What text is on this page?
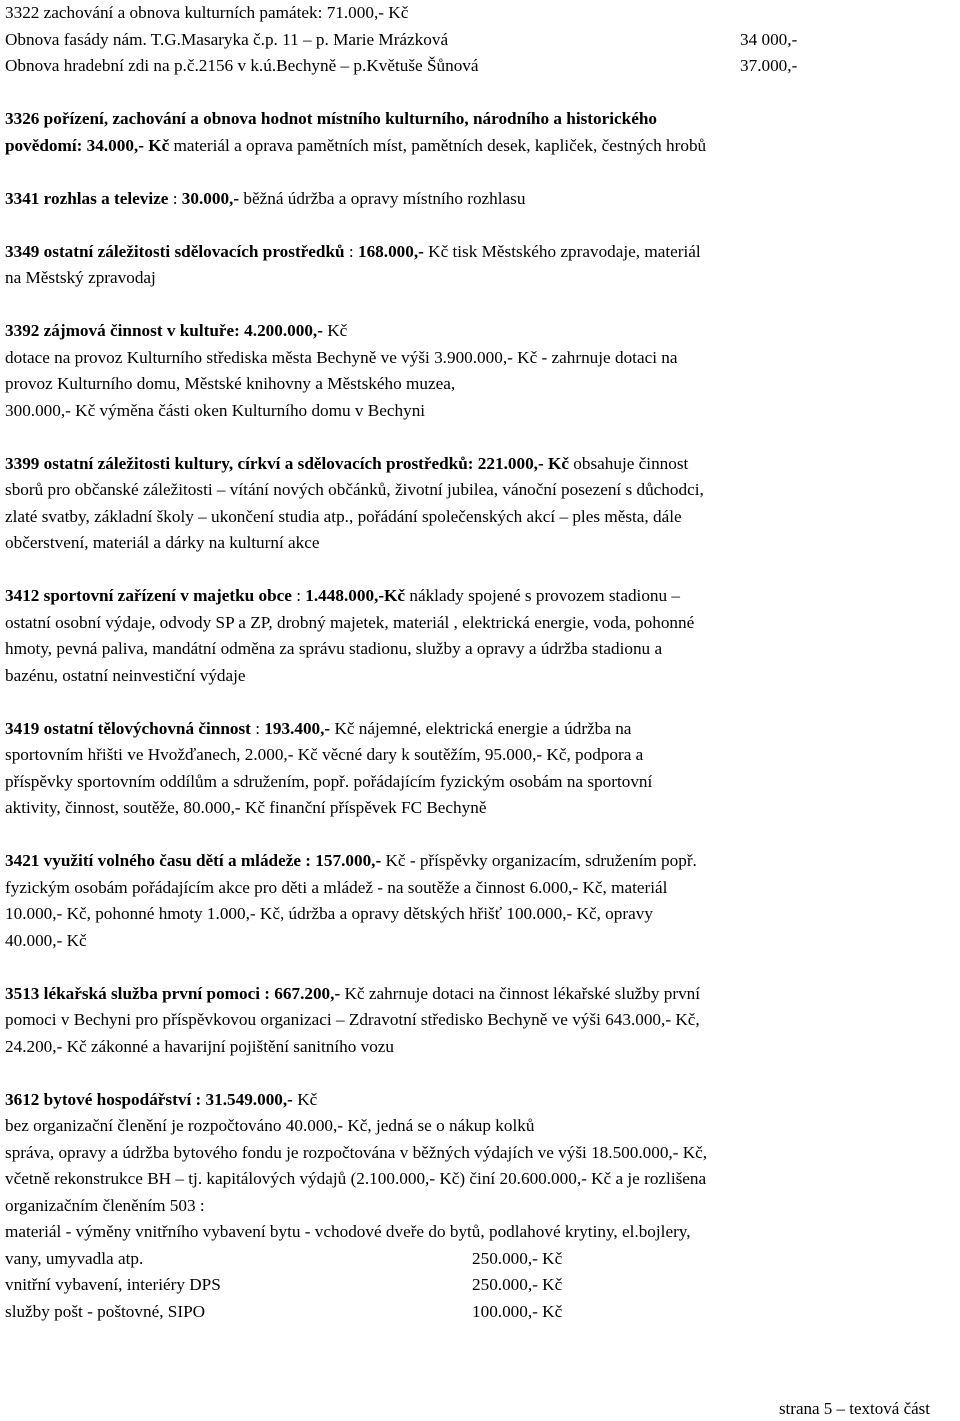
3322 zachování a obnova kulturních památek: 71.000,- Kč

Obnova fasády nám. T.G.Masaryka č.p. 11 – p. Marie Mrázková	34 000,-

Obnova hradební zdi na p.č.2156 v k.ú.Bechyně – p.Květuše Šůnová	37.000,-

3326 pořízení, zachování a obnova hodnot místního kulturního, národního a historického

povědomí: 34.000,- Kč materiál a oprava pamětních míst, pamětních desek, kapliček, čestných hrobů

3341 rozhlas a televize : 30.000,- běžná údržba a opravy místního rozhlasu

3349 ostatní záležitosti sdělovacích prostředků : 168.000,- Kč tisk Městského zpravodaje, materiál

na Městský zpravodaj

3392 zájmová činnost v kultuře: 4.200.000,- Kč

dotace na provoz Kulturního střediska města Bechyně ve výši 3.900.000,- Kč - zahrnuje dotaci na

provoz Kulturního domu, Městské knihovny a Městského muzea,

300.000,- Kč výměna části oken Kulturního domu v Bechyni

3399 ostatní záležitosti kultury, církví a sdělovacích prostředků: 221.000,- Kč obsahuje činnost

sborů pro občanské záležitosti – vítání nových občánků, životní jubilea, vánoční posezení s důchodci,

zlaté svatby, základní školy – ukončení studia atp., pořádání společenských akcí – ples města, dále

občerstvení, materiál a dárky na kulturní akce

3412 sportovní zařízení v majetku obce : 1.448.000,-Kč náklady spojené s provozem stadionu –

ostatní osobní výdaje, odvody SP a ZP, drobný majetek, materiál , elektrická energie, voda, pohonné

hmoty, pevná paliva, mandátní odměna za správu stadionu, služby a opravy a údržba stadionu a

bazénu, ostatní neinvestiční výdaje

3419 ostatní tělovýchovná činnost : 193.400,- Kč nájemné, elektrická energie a údržba na

sportovním hřišti ve Hvožďanech, 2.000,- Kč věcné dary k soutěžím, 95.000,- Kč, podpora a

příspěvky sportovním oddílům a sdružením, popř. pořádajícím fyzickým osobám na sportovní

aktivity, činnost, soutěže, 80.000,- Kč finanční příspěvek FC Bechyně

3421 využití volného času dětí a mládeže : 157.000,- Kč - příspěvky organizacím, sdružením popř.

fyzickým osobám pořádajícím akce pro děti a mládež - na soutěže a činnost 6.000,- Kč, materiál

10.000,- Kč, pohonné hmoty 1.000,- Kč, údržba a opravy dětských hřišť 100.000,- Kč, opravy

40.000,- Kč

3513 lékařská služba první pomoci : 667.200,- Kč zahrnuje dotaci na činnost lékařské služby první

pomoci v Bechyni pro příspěvkovou organizaci – Zdravotní středisko Bechyně ve výši 643.000,- Kč,

24.200,- Kč zákonné a havarijní pojištění sanitního vozu

3612 bytové hospodářství : 31.549.000,- Kč

bez organizační členění je rozpočtováno 40.000,- Kč, jedná se o nákup kolků

správa, opravy a údržba bytového fondu je rozpočtována v běžných výdajích ve výši 18.500.000,- Kč,

včetně rekonstrukce BH – tj. kapitálových výdajů (2.100.000,- Kč) činí 20.600.000,- Kč a je rozlišena

organizačním členěním 503 :

materiál - výměny vnitřního vybavení bytu - vchodové dveře do bytů, podlahové krytiny, el.bojlery,

vany, umyvadla atp.	250.000,- Kč

vnitřní vybavení, interiéry DPS	250.000,- Kč

služby pošt - poštovné, SIPO	100.000,- Kč

strana 5 – textová část
